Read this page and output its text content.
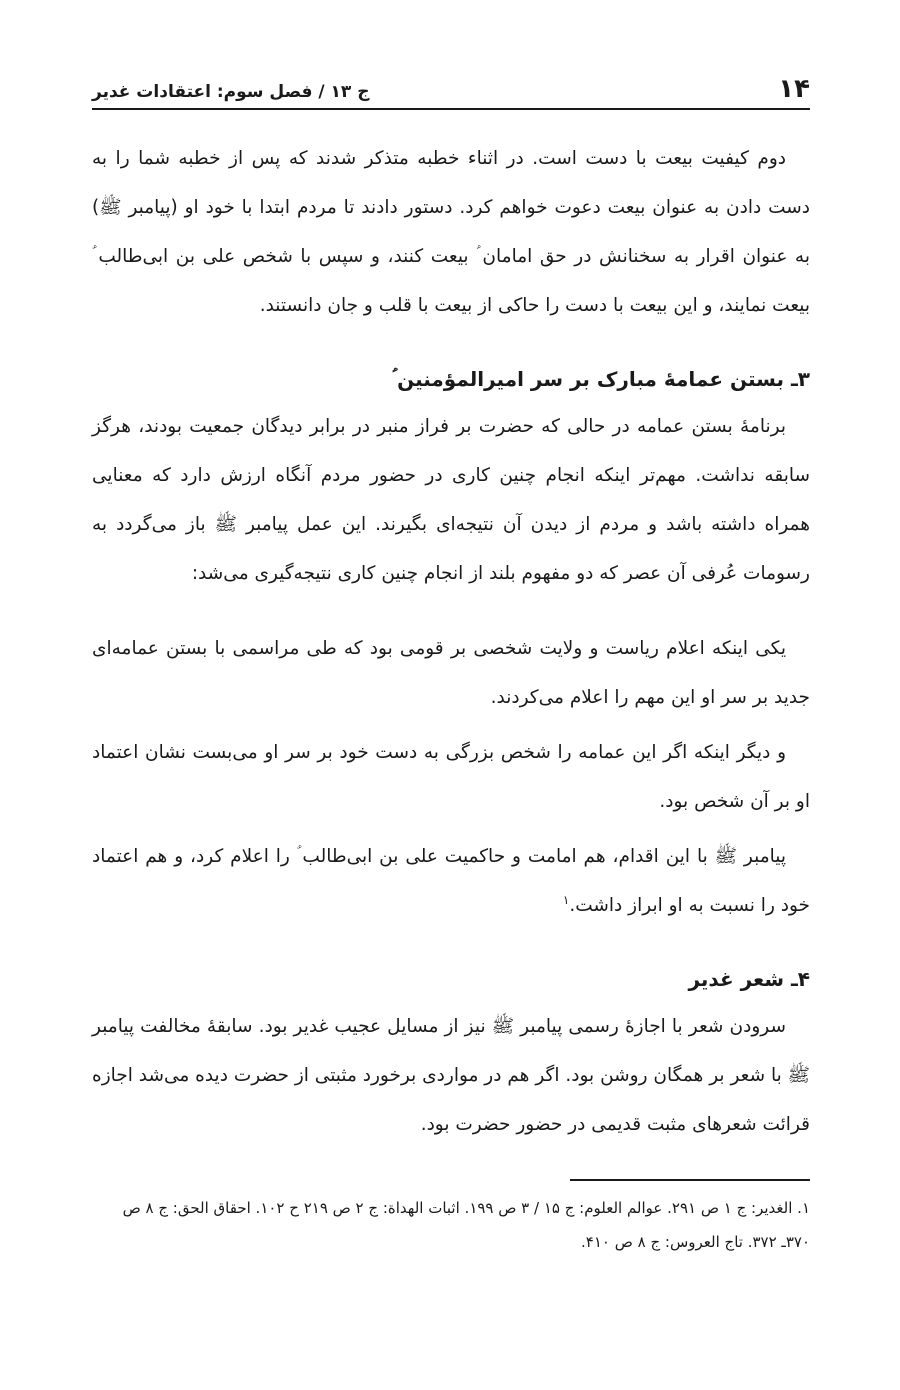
۱۴
ج ۱۳ / فصل سوم: اعتقادات غدیر

دوم کیفیت بیعت با دست است. در اثناء خطبه متذکر شدند که پس از خطبه شما را به دست دادن به عنوان بیعت دعوت خواهم کرد. دستور دادند تا مردم ابتدا با خود او (پیامبر ﷺ) به عنوان اقرار به سخنانش در حق امامان ؑ بیعت کنند، و سپس با شخص علی بن ابی‌طالب ؑ بیعت نمایند، و این بیعت با دست را حاکی از بیعت با قلب و جان دانستند.

۳ـ بستن عمامهٔ مبارک بر سر امیرالمؤمنین ؑ

برنامهٔ بستن عمامه در حالی که حضرت بر فراز منبر در برابر دیدگان جمعیت بودند، هرگز سابقه نداشت. مهم‌تر اینکه انجام چنین کاری در حضور مردم آنگاه ارزش دارد که معنایی همراه داشته باشد و مردم از دیدن آن نتیجه‌ای بگیرند. این عمل پیامبر ﷺ باز می‌گردد به رسومات عُرفی آن عصر که دو مفهوم بلند از انجام چنین کاری نتیجه‌گیری می‌شد:

یکی اینکه اعلام ریاست و ولایت شخصی بر قومی بود که طی مراسمی با بستن عمامه‌ای جدید بر سر او این مهم را اعلام می‌کردند.

و دیگر اینکه اگر این عمامه را شخص بزرگی به دست خود بر سر او می‌بست نشان اعتماد او بر آن شخص بود.

پیامبر ﷺ با این اقدام، هم امامت و حاکمیت علی بن ابی‌طالب ؑ را اعلام کرد، و هم اعتماد خود را نسبت به او ابراز داشت.$^۱$

۴ـ شعر غدیر

سرودن شعر با اجازهٔ رسمی پیامبر ﷺ نیز از مسایل عجیب غدیر بود. سابقهٔ مخالفت پیامبر ﷺ با شعر بر همگان روشن بود. اگر هم در مواردی برخورد مثبتی از حضرت دیده می‌شد اجازه قرائت شعرهای مثبت قدیمی در حضور حضرت بود.

۱. الغدیر: ج ۱ ص ۲۹۱. عوالم العلوم: ج ۱۵ / ۳ ص ۱۹۹. اثبات الهداة: ج ۲ ص ۲۱۹ ح ۱۰۲. احقاق الحق: ج ۸ ص ۳۷۰ـ ۳۷۲. تاج العروس: ج ۸ ص ۴۱۰.
